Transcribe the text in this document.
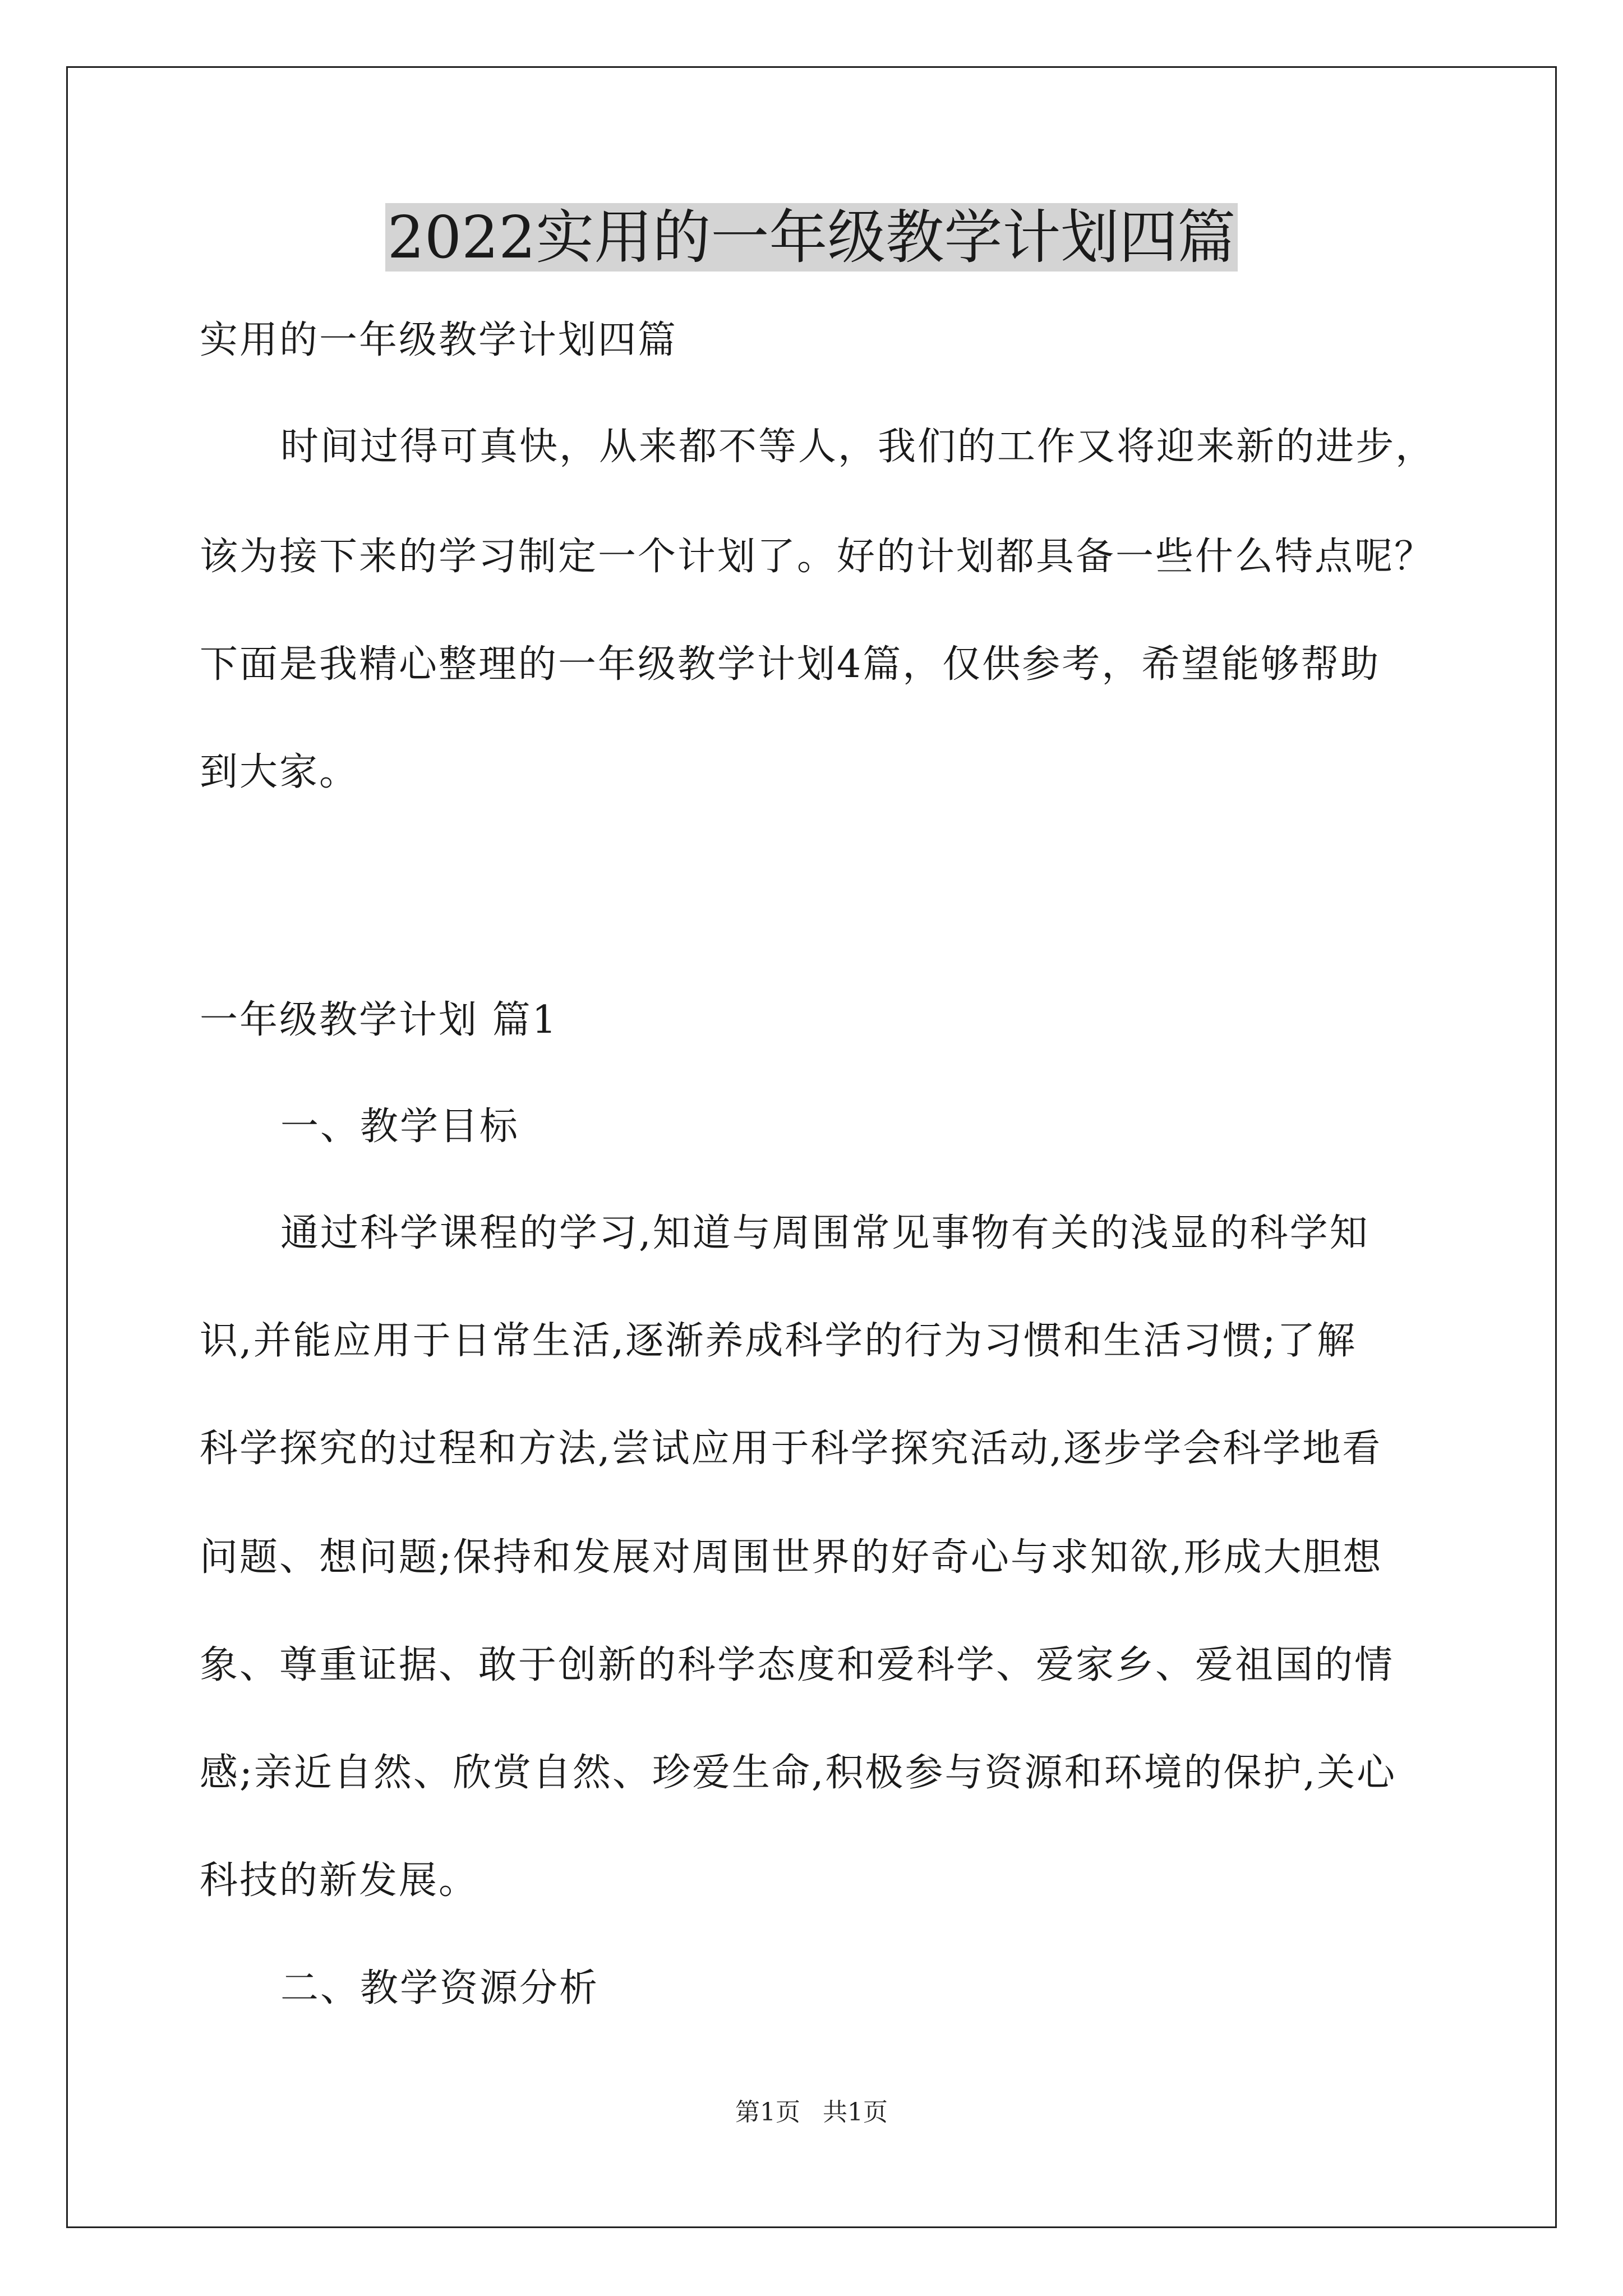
2022实用的一年级教学计划四篇
实用的一年级教学计划四篇
时间过得可真快，从来都不等人，我们的工作又将迎来新的进步，
该为接下来的学习制定一个计划了。好的计划都具备一些什么特点呢？
下面是我精心整理的一年级教学计划4篇，仅供参考，希望能够帮助
到大家。
一年级教学计划 篇1
一、教学目标
通过科学课程的学习,知道与周围常见事物有关的浅显的科学知
识,并能应用于日常生活,逐渐养成科学的行为习惯和生活习惯;了解
科学探究的过程和方法,尝试应用于科学探究活动,逐步学会科学地看
问题、想问题;保持和发展对周围世界的好奇心与求知欲,形成大胆想
象、尊重证据、敢于创新的科学态度和爱科学、爱家乡、爱祖国的情
感;亲近自然、欣赏自然、珍爱生命,积极参与资源和环境的保护,关心
科技的新发展。
二、教学资源分析
第1页 共1页
